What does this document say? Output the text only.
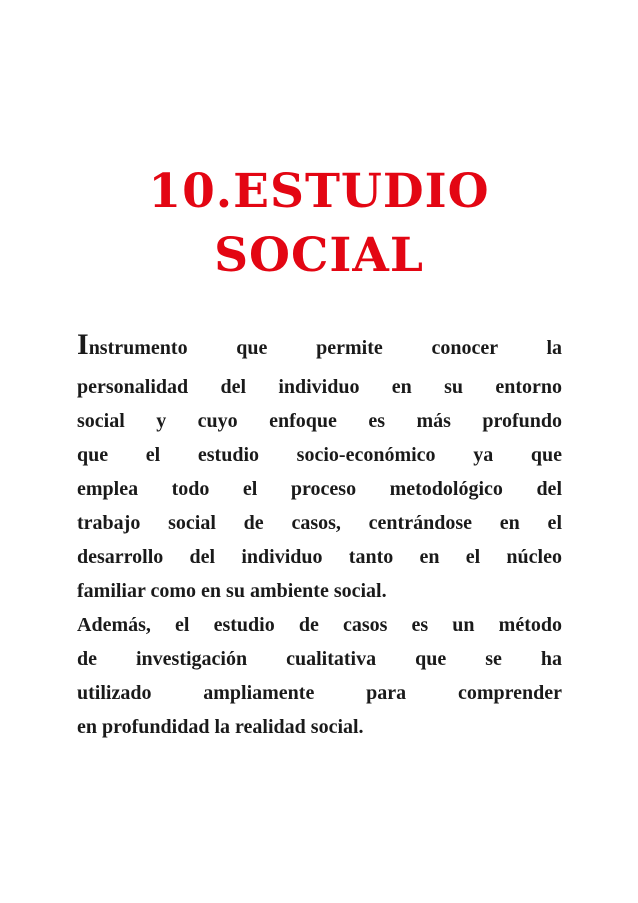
10.ESTUDIO
SOCIAL
Instrumento que permite conocer la
personalidad del individuo en su entorno
social y cuyo enfoque es más profundo
que el estudio socio-económico ya que
emplea todo el proceso metodológico del
trabajo social de casos, centrándose en el
desarrollo del individuo tanto en el núcleo
familiar como en su ambiente social.
Además, el estudio de casos es un método
de investigación cualitativa que se ha
utilizado ampliamente para comprender
en profundidad la realidad social.
